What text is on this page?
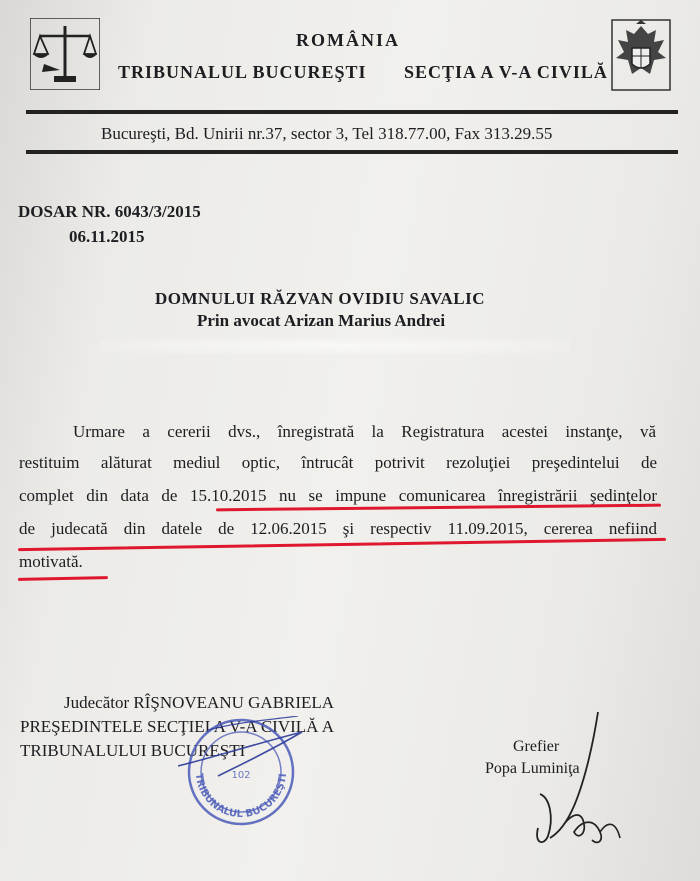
ROMÂNIA
TRIBUNALUL BUCUREŞTI SECŢIA A V-A CIVILĂ
Bucureşti, Bd. Unirii nr.37, sector 3, Tel 318.77.00, Fax 313.29.55
DOSAR NR. 6043/3/2015
06.11.2015
DOMNULUI RĂZVAN OVIDIU SAVALIC
Prin avocat Arizan Marius Andrei
Urmare a cererii dvs., înregistrată la Registratura acestei instanţe, vă
restituim alăturat mediul optic, întrucât potrivit rezoluţiei preşedintelui de
complet din data de 15.10.2015 nu se impune comunicarea înregistrării şedinţelor
de judecată din datele de 12.06.2015 şi respectiv 11.09.2015, cererea nefiind
motivată.
Judecător RÎŞNOVEANU GABRIELA
PREŞEDINTELE SECŢIEI A V-A CIVILĂ A
TRIBUNALULUI BUCUREŞTI
TRIBUNALUL BUCUREŞTI
102
Grefier
Popa Luminiţa
